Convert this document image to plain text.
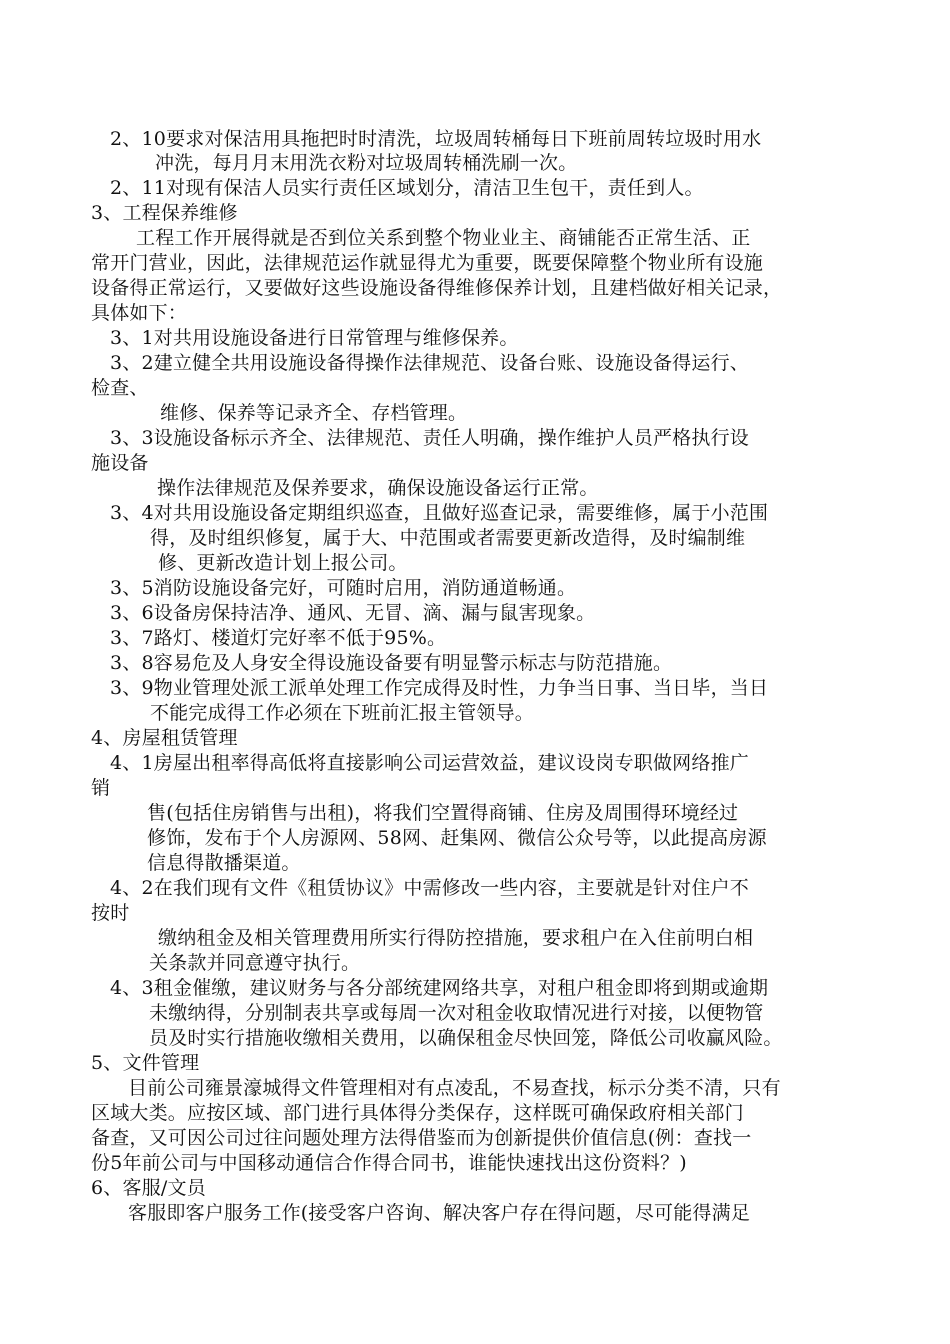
2、10要求对保洁用具拖把时时清洗，垃圾周转桶每日下班前周转垃圾时用水
冲洗，每月月末用洗衣粉对垃圾周转桶洗刷一次。
2、11对现有保洁人员实行责任区域划分，清洁卫生包干，责任到人。
3、工程保养维修
工程工作开展得就是否到位关系到整个物业业主、商铺能否正常生活、正
常开门营业，因此，法律规范运作就显得尤为重要，既要保障整个物业所有设施
设备得正常运行，又要做好这些设施设备得维修保养计划，且建档做好相关记录，
具体如下：
3、1对共用设施设备进行日常管理与维修保养。
3、2建立健全共用设施设备得操作法律规范、设备台账、设施设备得运行、
检查、
维修、保养等记录齐全、存档管理。
3、3设施设备标示齐全、法律规范、责任人明确，操作维护人员严格执行设
施设备
操作法律规范及保养要求，确保设施设备运行正常。
3、4对共用设施设备定期组织巡查，且做好巡查记录，需要维修，属于小范围
得，及时组织修复，属于大、中范围或者需要更新改造得，及时编制维
修、更新改造计划上报公司。
3、5消防设施设备完好，可随时启用，消防通道畅通。
3、6设备房保持洁净、通风、无冒、滴、漏与鼠害现象。
3、7路灯、楼道灯完好率不低于95%。
3、8容易危及人身安全得设施设备要有明显警示标志与防范措施。
3、9物业管理处派工派单处理工作完成得及时性，力争当日事、当日毕，当日
不能完成得工作必须在下班前汇报主管领导。
4、房屋租赁管理
4、1房屋出租率得高低将直接影响公司运营效益，建议设岗专职做网络推广
销
售(包括住房销售与出租)，将我们空置得商铺、住房及周围得环境经过
修饰，发布于个人房源网、58网、赶集网、微信公众号等，以此提高房源
信息得散播渠道。
4、2在我们现有文件《租赁协议》中需修改一些内容，主要就是针对住户不
按时
缴纳租金及相关管理费用所实行得防控措施，要求租户在入住前明白相
关条款并同意遵守执行。
4、3租金催缴，建议财务与各分部统建网络共享，对租户租金即将到期或逾期
未缴纳得，分别制表共享或每周一次对租金收取情况进行对接，以便物管
员及时实行措施收缴相关费用，以确保租金尽快回笼，降低公司收赢风险。
5、文件管理
目前公司雍景濠城得文件管理相对有点凌乱，不易查找，标示分类不清，只有
区域大类。应按区域、部门进行具体得分类保存，这样既可确保政府相关部门
备查，又可因公司过往问题处理方法得借鉴而为创新提供价值信息(例：查找一
份5年前公司与中国移动通信合作得合同书，谁能快速找出这份资料？)
6、客服/文员
客服即客户服务工作(接受客户咨询、解决客户存在得问题，尽可能得满足
